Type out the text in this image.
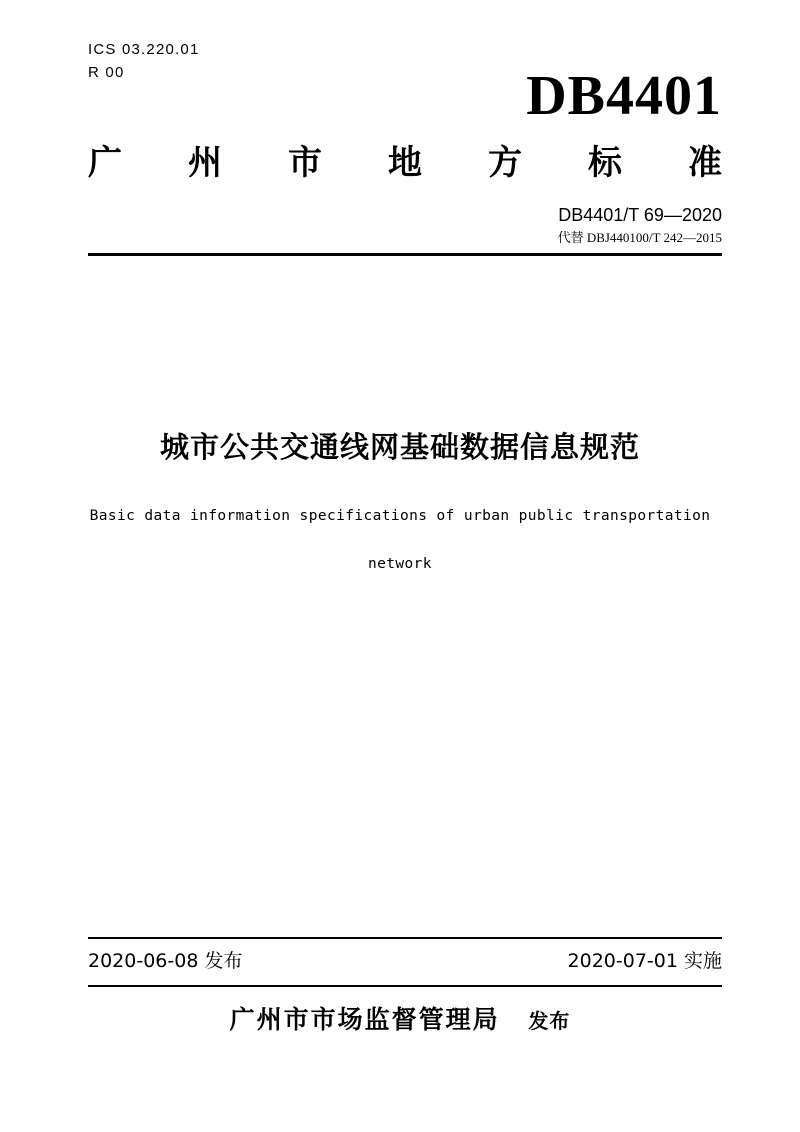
ICS 03.220.01
R 00	DB4401
广 州 市 地 方 标 准
DB4401/T 69—2020
代替 DBJ440100/T 242—2015
城市公共交通线网基础数据信息规范
Basic data information specifications of urban public transportation
network
2020-06-08 发布	2020-07-01 实施
广州市市场监督管理局 发布
